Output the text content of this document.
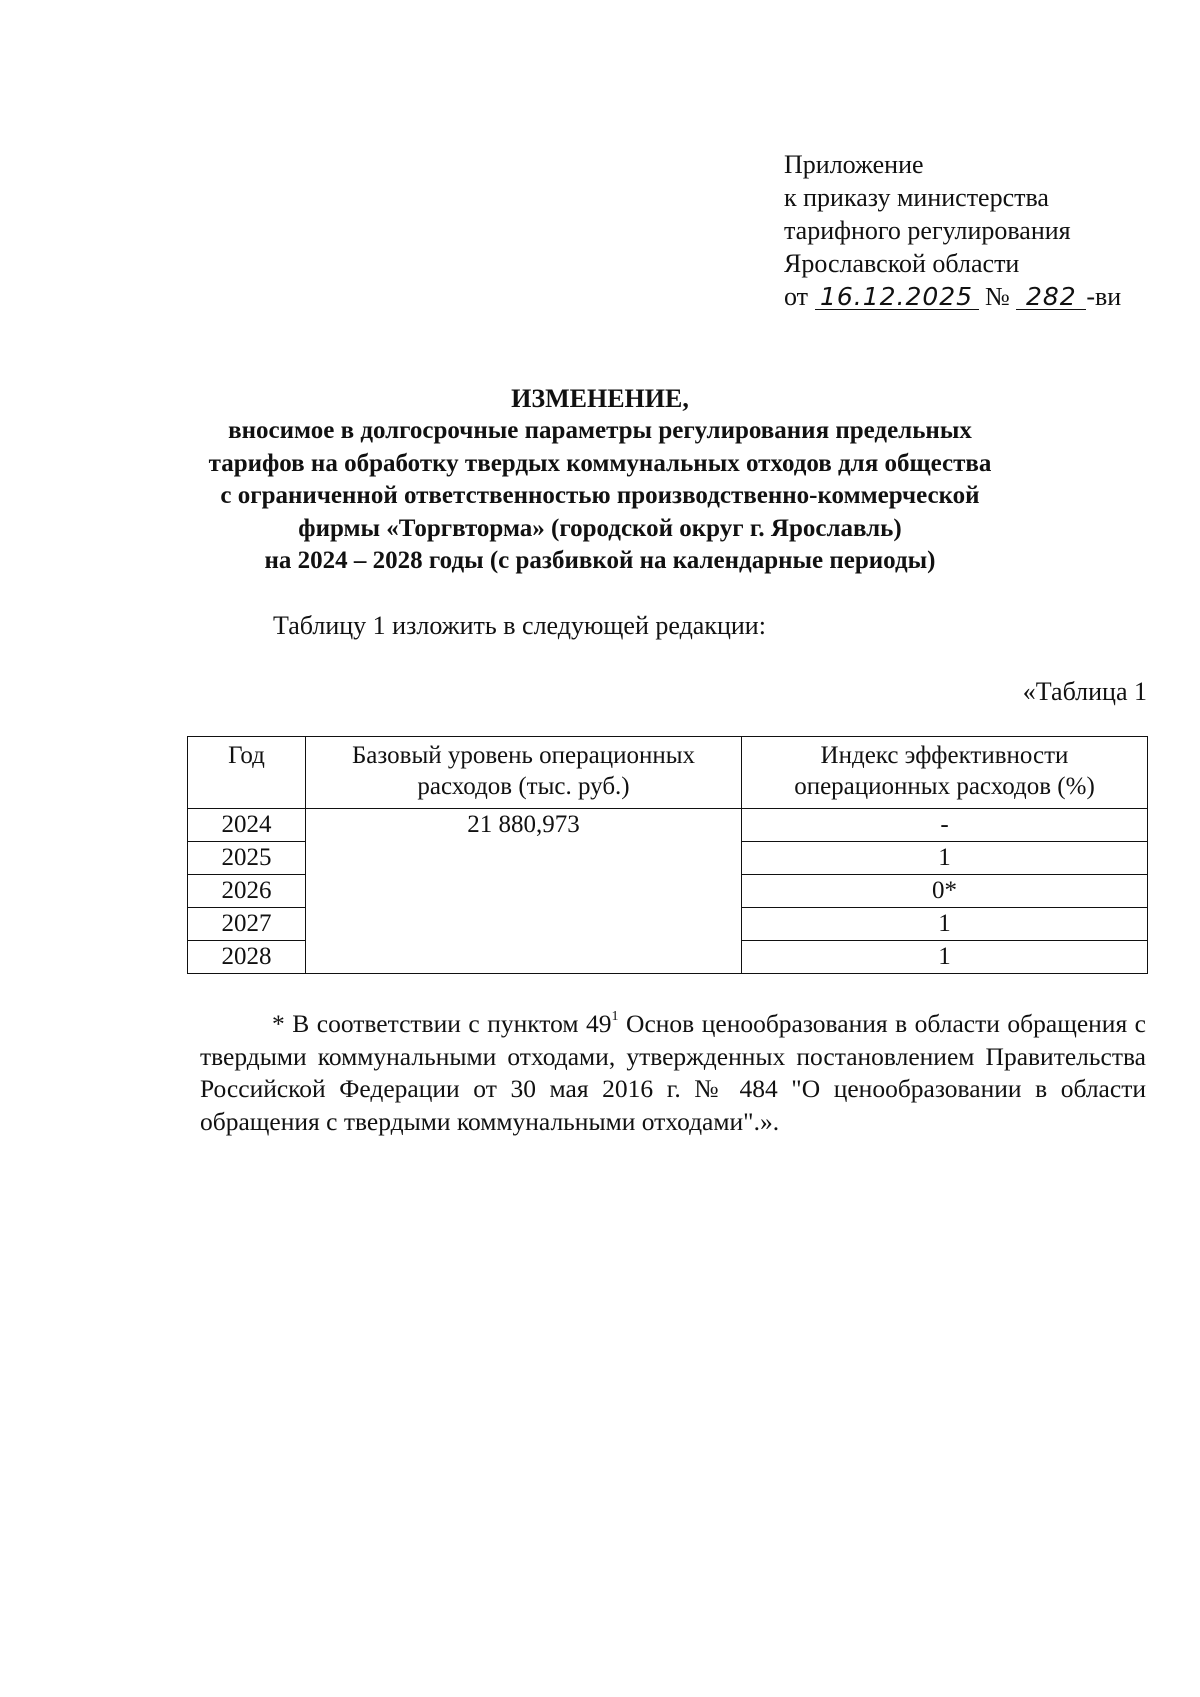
Приложение
к приказу министерства
тарифного регулирования
Ярославской области
от 16.12.2025 № 282 -ви
ИЗМЕНЕНИЕ,
вносимое в долгосрочные параметры регулирования предельных
тарифов на обработку твердых коммунальных отходов для общества
с ограниченной ответственностью производственно-коммерческой
фирмы «Торгвторма» (городской округ г. Ярославль)
на 2024 – 2028 годы (с разбивкой на календарные периоды)
Таблицу 1 изложить в следующей редакции:
«Таблица 1
Год	Базовый уровень операционных расходов (тыс. руб.)	Индекс эффективности операционных расходов (%)
2024	21 880,973	-
2025		1
2026		0*
2027		1
2028		1
* В соответствии с пунктом $49^1$ Основ ценообразования в области обращения с твердыми коммунальными отходами, утвержденных постановлением Правительства Российской Федерации от 30 мая 2016 г. № 484 "О ценообразовании в области обращения с твердыми коммунальными отходами".».
